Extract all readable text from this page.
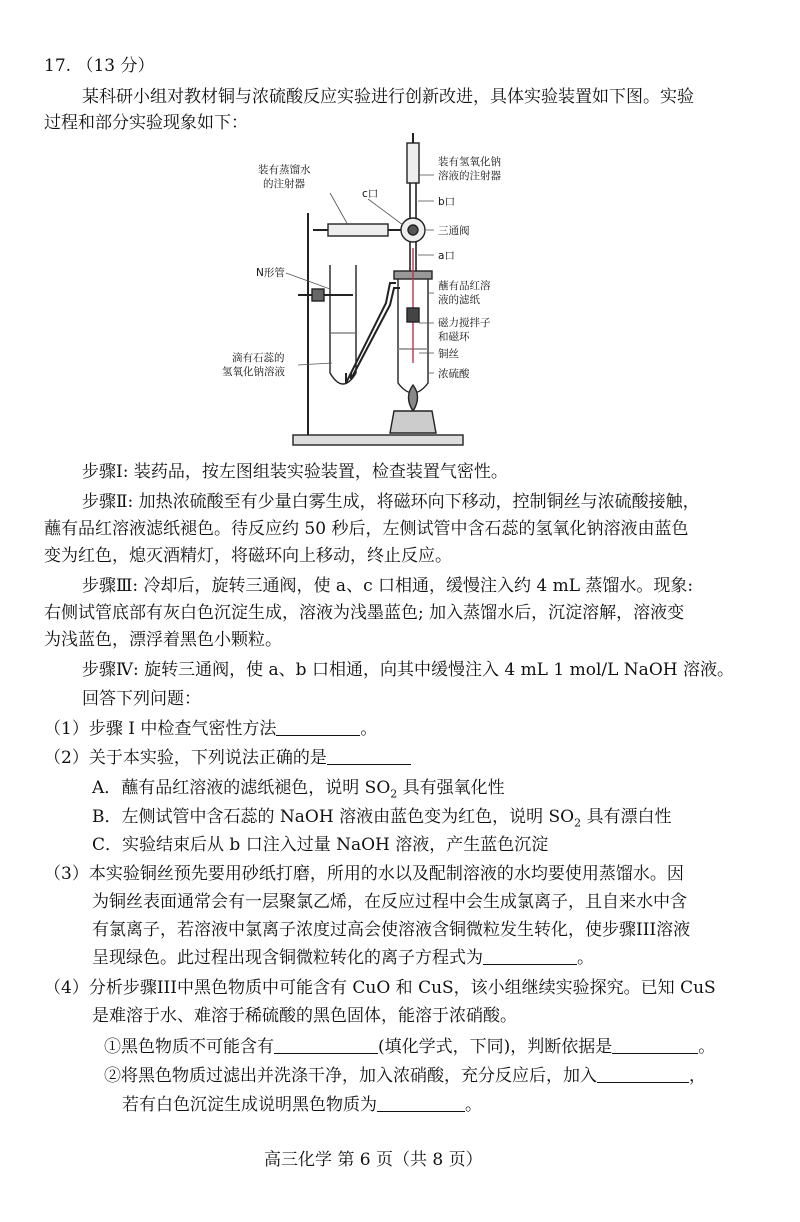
17. （13 分）
某科研小组对教材铜与浓硫酸反应实验进行创新改进，具体实验装置如下图。实验
过程和部分实验现象如下：
装有蒸馏水
的注射器
c口
装有氢氧化钠
溶液的注射器
b口
三通阀
a口
N形管
蘸有品红溶
液的滤纸
磁力搅拌子
和磁环
铜丝
浓硫酸
滴有石蕊的
氢氧化钠溶液
步骤Ⅰ: 装药品，按左图组装实验装置，检查装置气密性。
步骤Ⅱ: 加热浓硫酸至有少量白雾生成，将磁环向下移动，控制铜丝与浓硫酸接触，
蘸有品红溶液滤纸褪色。待反应约 50 秒后，左侧试管中含石蕊的氢氧化钠溶液由蓝色
变为红色，熄灭酒精灯，将磁环向上移动，终止反应。
步骤Ⅲ: 冷却后，旋转三通阀，使 a、c 口相通，缓慢注入约 4 mL 蒸馏水。现象:
右侧试管底部有灰白色沉淀生成，溶液为浅墨蓝色; 加入蒸馏水后，沉淀溶解，溶液变
为浅蓝色，漂浮着黑色小颗粒。
步骤Ⅳ: 旋转三通阀，使 a、b 口相通，向其中缓慢注入 4 mL 1 mol/L NaOH 溶液。
回答下列问题：
（1）步骤 I 中检查气密性方法	。
（2）关于本实验，下列说法正确的是
A．蘸有品红溶液的滤纸褪色，说明 $SO_2$ 具有强氧化性
B．左侧试管中含石蕊的 NaOH 溶液由蓝色变为红色，说明 $SO_2$ 具有漂白性
C．实验结束后从 b 口注入过量 NaOH 溶液，产生蓝色沉淀
（3）本实验铜丝预先要用砂纸打磨，所用的水以及配制溶液的水均要使用蒸馏水。因
为铜丝表面通常会有一层聚氯乙烯，在反应过程中会生成氯离子，且自来水中含
有氯离子，若溶液中氯离子浓度过高会使溶液含铜微粒发生转化，使步骤III溶液
呈现绿色。此过程出现含铜微粒转化的离子方程式为	。
（4）分析步骤III中黑色物质中可能含有 CuO 和 CuS，该小组继续实验探究。已知 CuS
是难溶于水、难溶于稀硫酸的黑色固体，能溶于浓硝酸。
①黑色物质不可能含有	(填化学式，下同)，判断依据是	。
②将黑色物质过滤出并洗涤干净，加入浓硝酸，充分反应后，加入	，
若有白色沉淀生成说明黑色物质为	。
高三化学 第 6 页（共 8 页）
